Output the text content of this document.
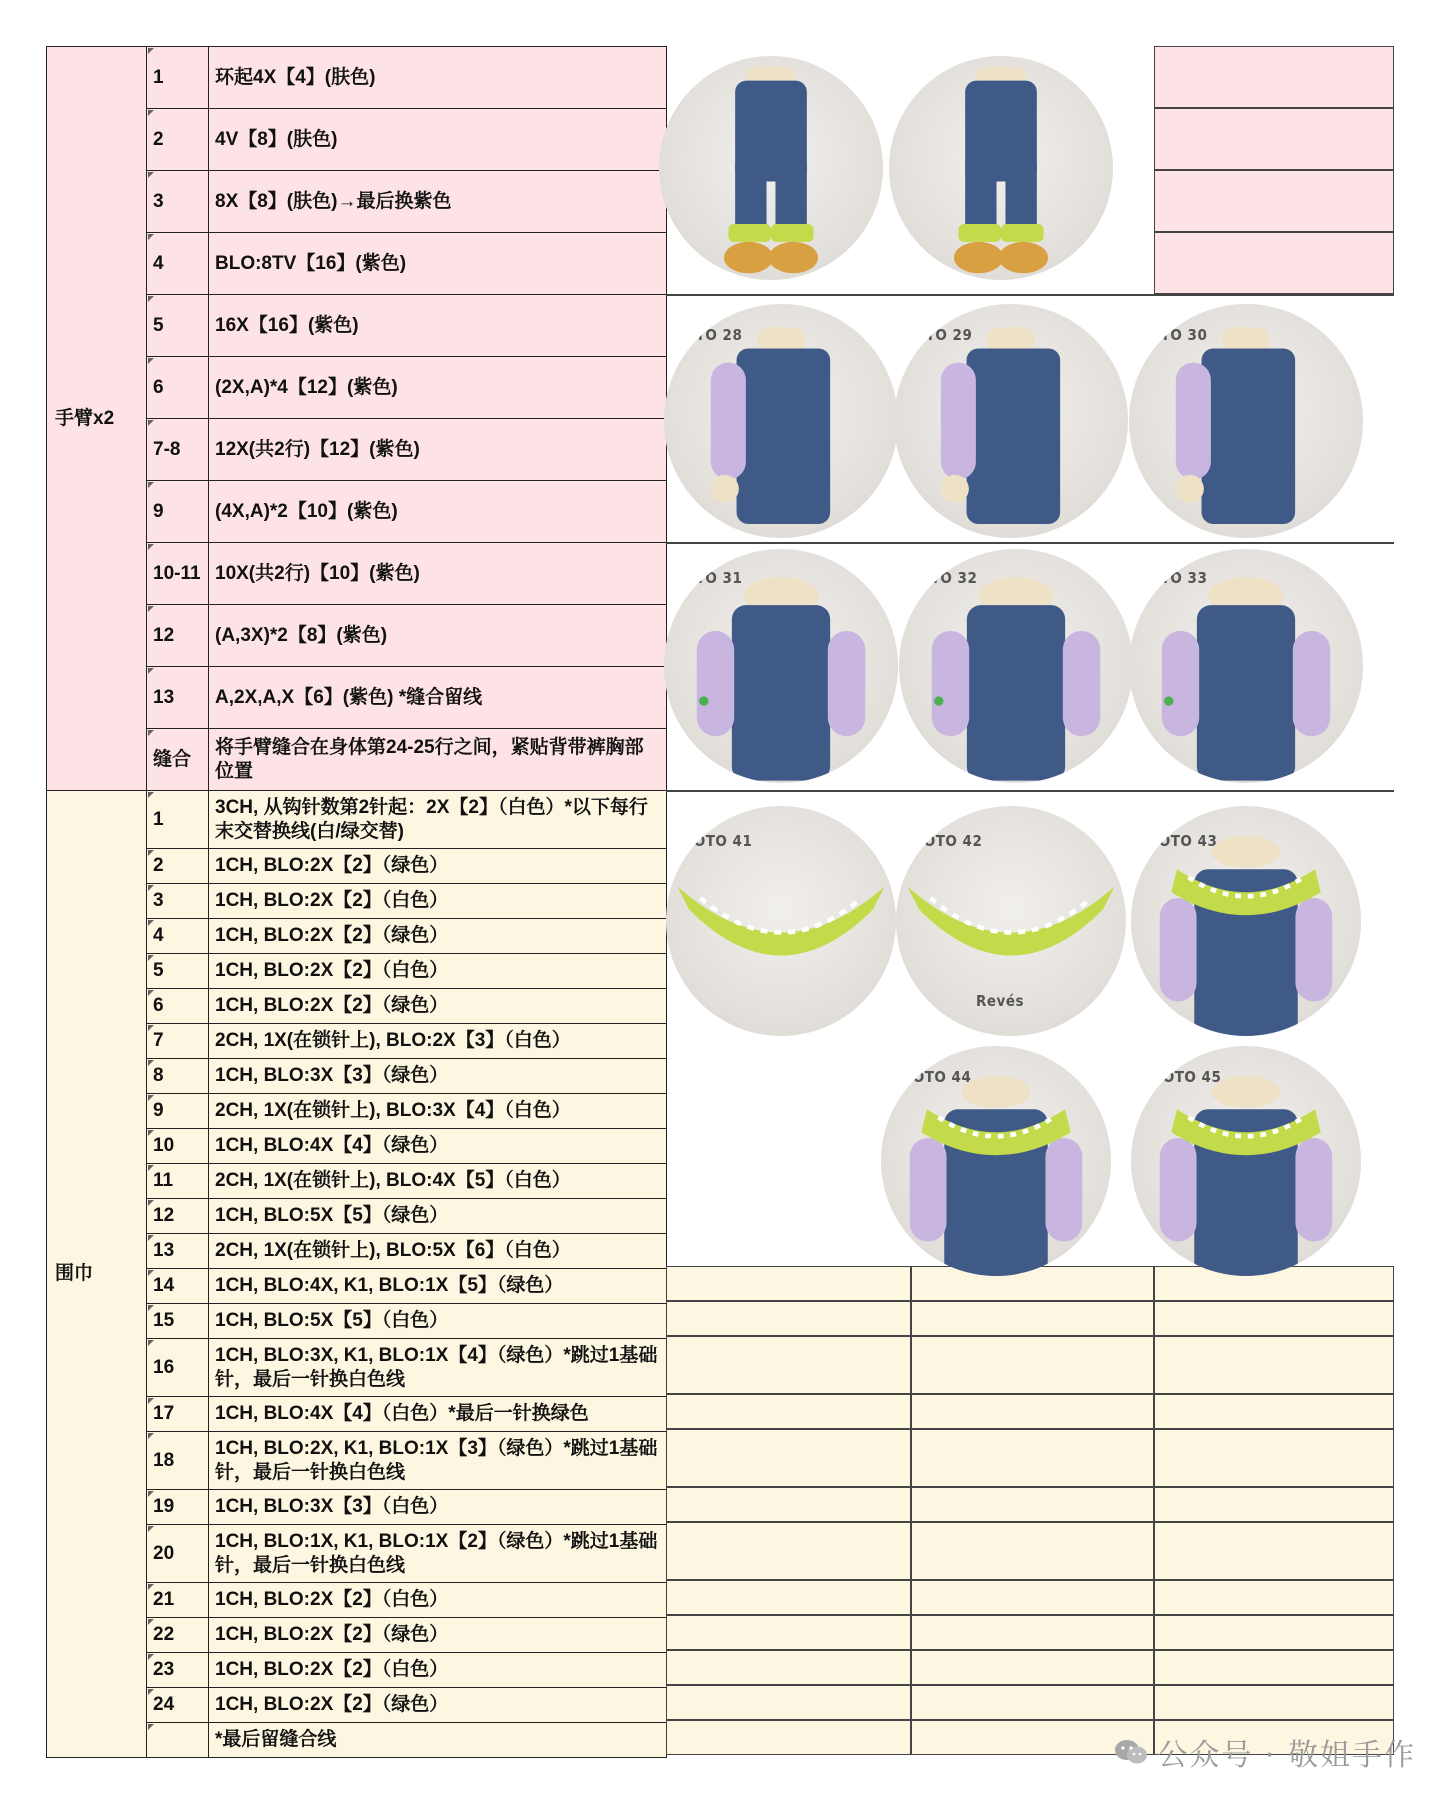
手臂x2	1	环起4X【4】(肤色)
	2	4V【8】(肤色)
	3	8X【8】(肤色)→最后换紫色
	4	BLO:8TV【16】(紫色)
	5	16X【16】(紫色)
	6	(2X,A)*4【12】(紫色)
	7-8	12X(共2行)【12】(紫色)
	9	(4X,A)*2【10】(紫色)
	10-11	10X(共2行)【10】(紫色)
	12	(A,3X)*2【8】(紫色)
	13	A,2X,A,X【6】(紫色) *缝合留线
	缝合	将手臂缝合在身体第24-25行之间，紧贴背带裤胸部位置
围巾	1	3CH, 从钩针数第2针起：2X【2】（白色）*以下每行末交替换线(白/绿交替)
	2	1CH, BLO:2X【2】（绿色）
	3	1CH, BLO:2X【2】（白色）
	4	1CH, BLO:2X【2】（绿色）
	5	1CH, BLO:2X【2】（白色）
	6	1CH, BLO:2X【2】（绿色）
	7	2CH, 1X(在锁针上), BLO:2X【3】（白色）
	8	1CH, BLO:3X【3】（绿色）
	9	2CH, 1X(在锁针上), BLO:3X【4】（白色）
	10	1CH, BLO:4X【4】（绿色）
	11	2CH, 1X(在锁针上), BLO:4X【5】（白色）
	12	1CH, BLO:5X【5】（绿色）
	13	2CH, 1X(在锁针上), BLO:5X【6】（白色）
	14	1CH, BLO:4X, K1, BLO:1X【5】（绿色）
	15	1CH, BLO:5X【5】（白色）
	16	1CH, BLO:3X, K1, BLO:1X【4】（绿色）*跳过1基础针，最后一针换白色线
	17	1CH, BLO:4X【4】（白色）*最后一针换绿色
	18	1CH, BLO:2X, K1, BLO:1X【3】（绿色）*跳过1基础针，最后一针换白色线
	19	1CH, BLO:3X【3】（白色）
	20	1CH, BLO:1X, K1, BLO:1X【2】（绿色）*跳过1基础针，最后一针换白色线
	21	1CH, BLO:2X【2】（白色）
	22	1CH, BLO:2X【2】（绿色）
	23	1CH, BLO:2X【2】（白色）
	24	1CH, BLO:2X【2】（绿色）
		*最后留缝合线
FOTO 28	FOTO 29	FOTO 30
FOTO 31	FOTO 32	FOTO 33
FOTO 41	FOTO 42
Revés
FOTO 43
FOTO 44	FOTO 45
公众号 · 敬姐手作
